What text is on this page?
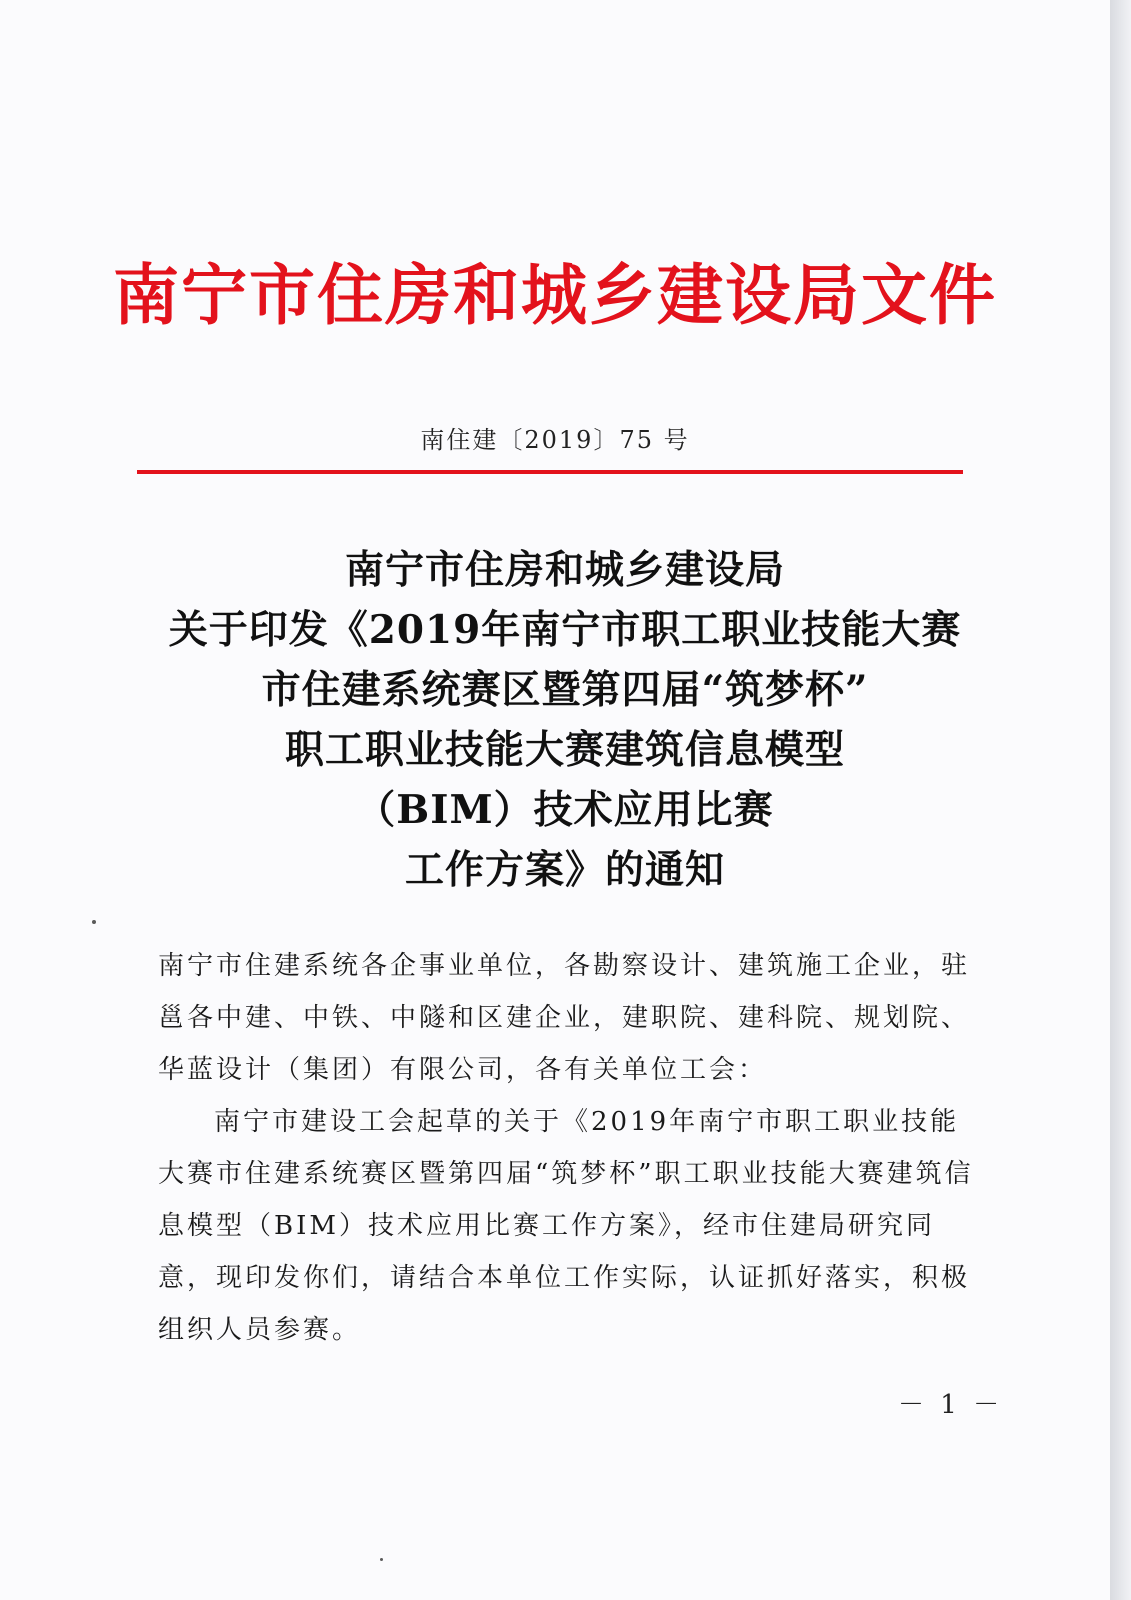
南宁市住房和城乡建设局文件
南住建〔2019〕75 号
南宁市住房和城乡建设局
关于印发《2019年南宁市职工职业技能大赛
市住建系统赛区暨第四届“筑梦杯”
职工职业技能大赛建筑信息模型
（BIM）技术应用比赛
工作方案》的通知
南宁市住建系统各企事业单位，各勘察设计、建筑施工企业，驻邕各中建、中铁、中隧和区建企业，建职院、建科院、规划院、华蓝设计（集团）有限公司，各有关单位工会：
南宁市建设工会起草的关于《2019年南宁市职工职业技能大赛市住建系统赛区暨第四届“筑梦杯”职工职业技能大赛建筑信息模型（BIM）技术应用比赛工作方案》，经市住建局研究同意，现印发你们，请结合本单位工作实际，认证抓好落实，积极组织人员参赛。
－ 1 －
